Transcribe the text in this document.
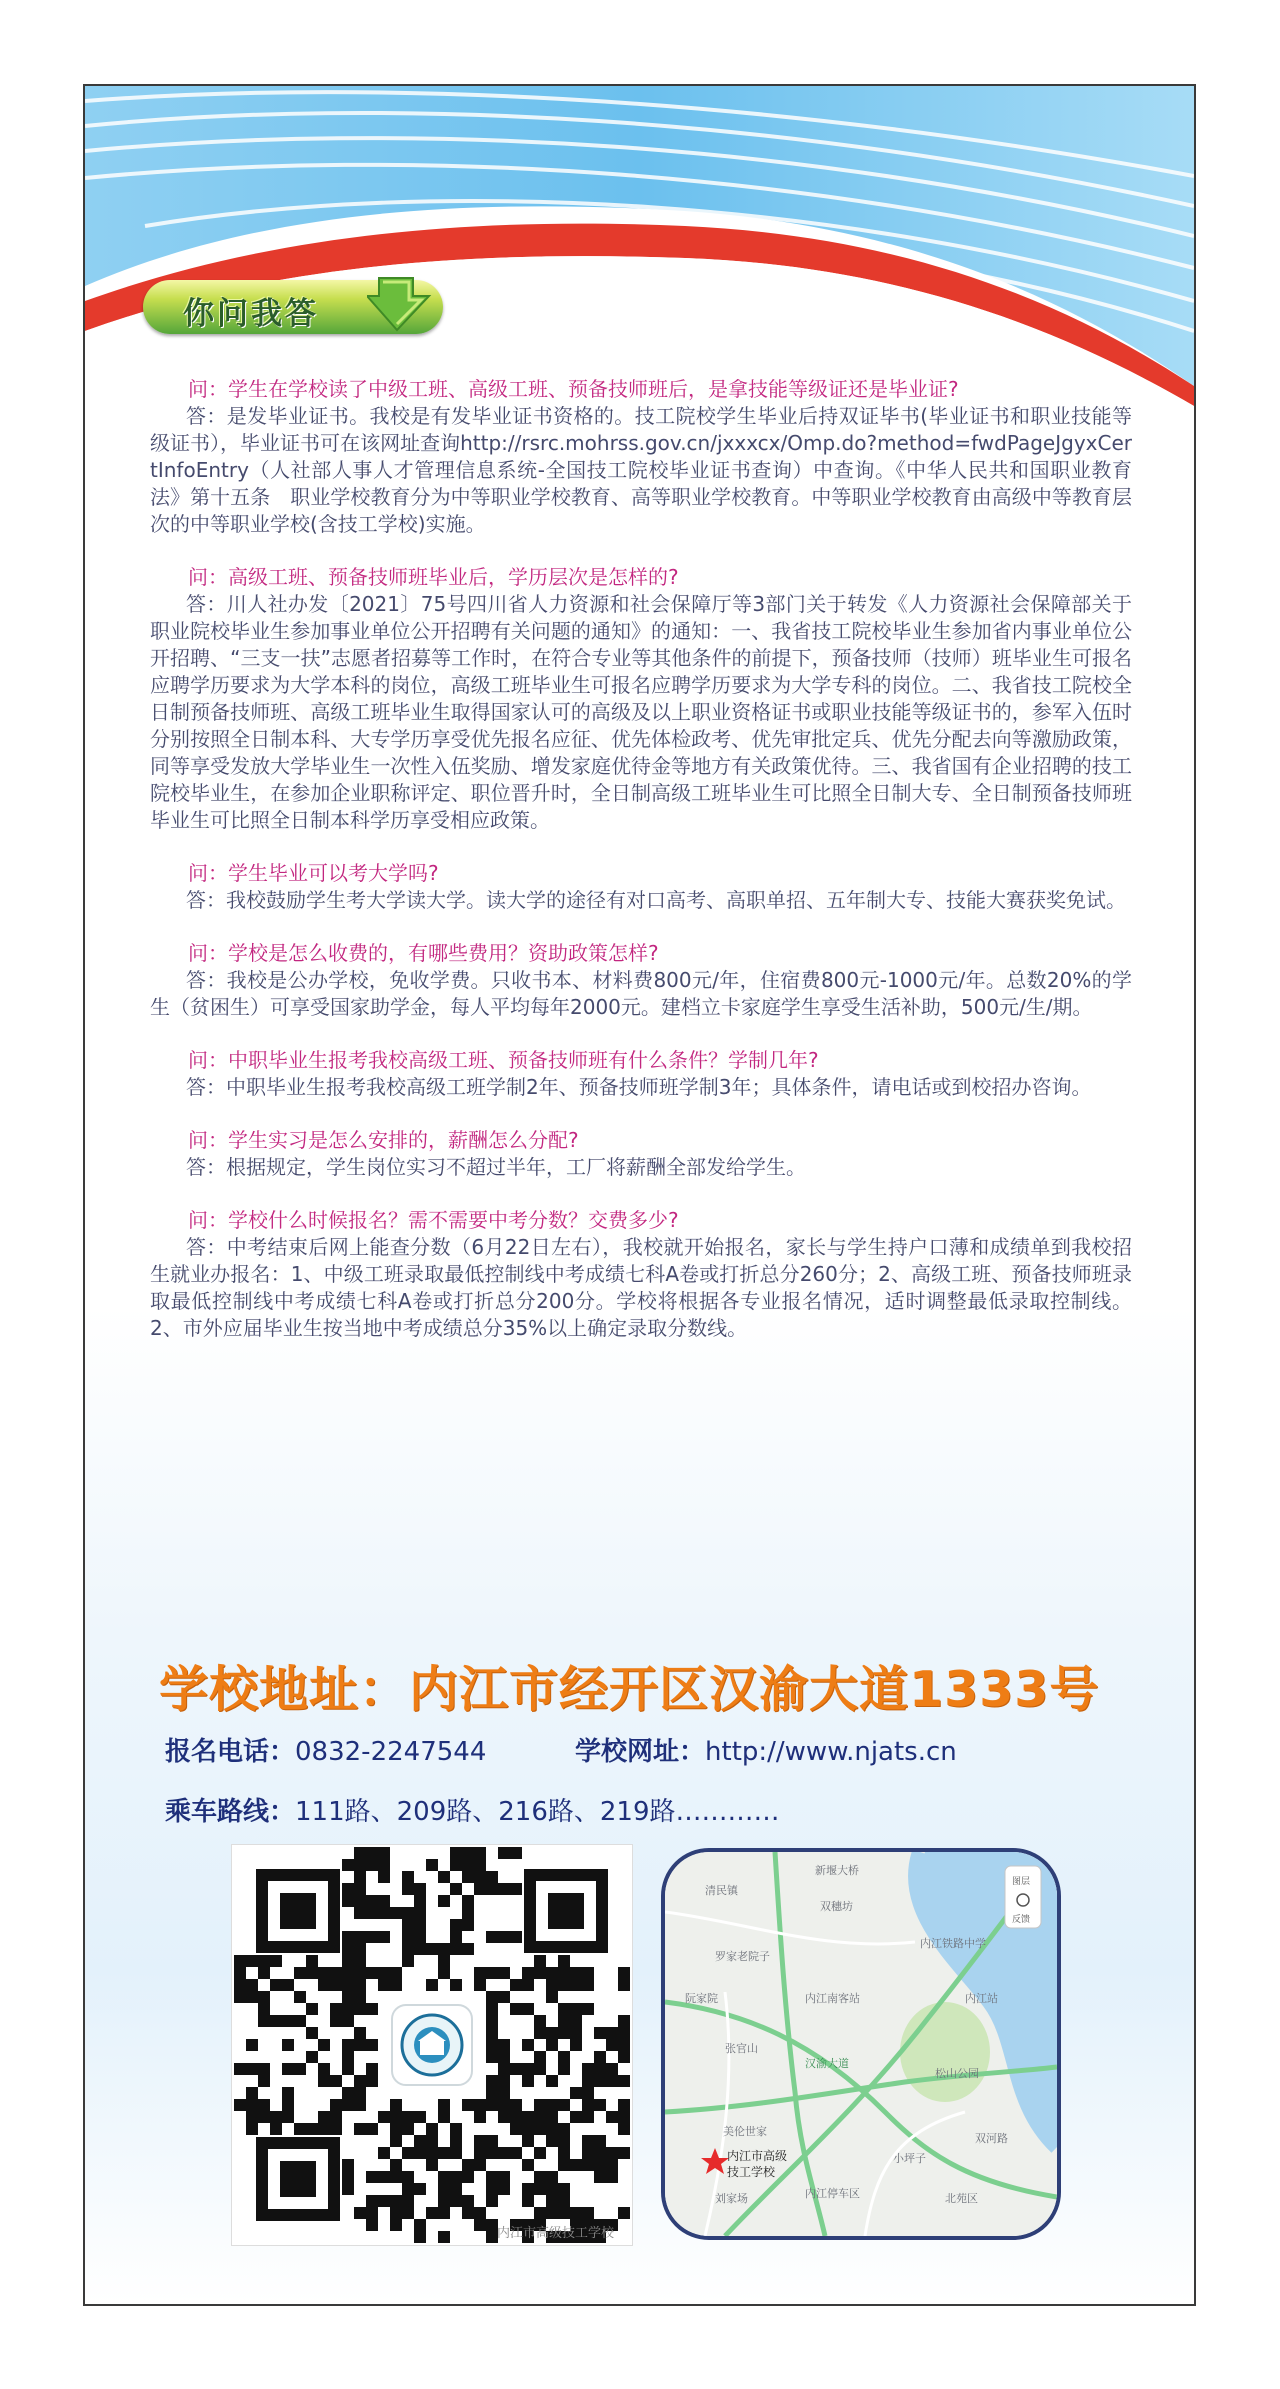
你问我答

问：学生在学校读了中级工班、高级工班、预备技师班后，是拿技能等级证还是毕业证?

答：是发毕业证书。我校是有发毕业证书资格的。技工院校学生毕业后持双证毕书(毕业证书和职业技能等级证书），毕业证书可在该网址查询http://rsrc.mohrss.gov.cn/jxxxcx/Omp.do?method=fwdPageJgyxCertInfoEntry（人社部人事人才管理信息系统-全国技工院校毕业证书查询）中查询。《中华人民共和国职业教育法》第十五条　职业学校教育分为中等职业学校教育、高等职业学校教育。中等职业学校教育由高级中等教育层次的中等职业学校(含技工学校)实施。

问：高级工班、预备技师班毕业后，学历层次是怎样的?

答：川人社办发〔2021〕75号四川省人力资源和社会保障厅等3部门关于转发《人力资源社会保障部关于职业院校毕业生参加事业单位公开招聘有关问题的通知》的通知：一、我省技工院校毕业生参加省内事业单位公开招聘、“三支一扶”志愿者招募等工作时，在符合专业等其他条件的前提下，预备技师（技师）班毕业生可报名应聘学历要求为大学本科的岗位，高级工班毕业生可报名应聘学历要求为大学专科的岗位。二、我省技工院校全日制预备技师班、高级工班毕业生取得国家认可的高级及以上职业资格证书或职业技能等级证书的，参军入伍时分别按照全日制本科、大专学历享受优先报名应征、优先体检政考、优先审批定兵、优先分配去向等激励政策，同等享受发放大学毕业生一次性入伍奖励、增发家庭优待金等地方有关政策优待。三、我省国有企业招聘的技工院校毕业生，在参加企业职称评定、职位晋升时，全日制高级工班毕业生可比照全日制大专、全日制预备技师班毕业生可比照全日制本科学历享受相应政策。

问：学生毕业可以考大学吗?

答：我校鼓励学生考大学读大学。读大学的途径有对口高考、高职单招、五年制大专、技能大赛获奖免试。

问：学校是怎么收费的，有哪些费用？资助政策怎样?

答：我校是公办学校，免收学费。只收书本、材料费800元/年，住宿费800元-1000元/年。总数20%的学生（贫困生）可享受国家助学金，每人平均每年2000元。建档立卡家庭学生享受生活补助，500元/生/期。

问：中职毕业生报考我校高级工班、预备技师班有什么条件？学制几年?

答：中职毕业生报考我校高级工班学制2年、预备技师班学制3年；具体条件，请电话或到校招办咨询。

问：学生实习是怎么安排的，薪酬怎么分配?

答：根据规定，学生岗位实习不超过半年，工厂将薪酬全部发给学生。

问：学校什么时候报名？需不需要中考分数？交费多少?

答：中考结束后网上能查分数（6月22日左右），我校就开始报名，家长与学生持户口薄和成绩单到我校招生就业办报名：1、中级工班录取最低控制线中考成绩七科A卷或打折总分260分；2、高级工班、预备技师班录取最低控制线中考成绩七科A卷或打折总分200分。学校将根据各专业报名情况，适时调整最低录取控制线。2、市外应届毕业生按当地中考成绩总分35%以上确定录取分数线。

学校地址：内江市经开区汉渝大道1333号
报名电话：0832-2247544	学校网址：http://www.njats.cn
乘车路线：111路、209路、216路、219路…………
内江市高级技工学校
新堰大桥
清民镇
双穗坊
罗家老院子
内江铁路中学
内江站
阮家院	内江南客站
张官山
松山公园
汉渝大道
美伦世家
双河路
小坪子
刘家场	内江停车区	北苑区
内江市高级
技工学校
图层
反馈
